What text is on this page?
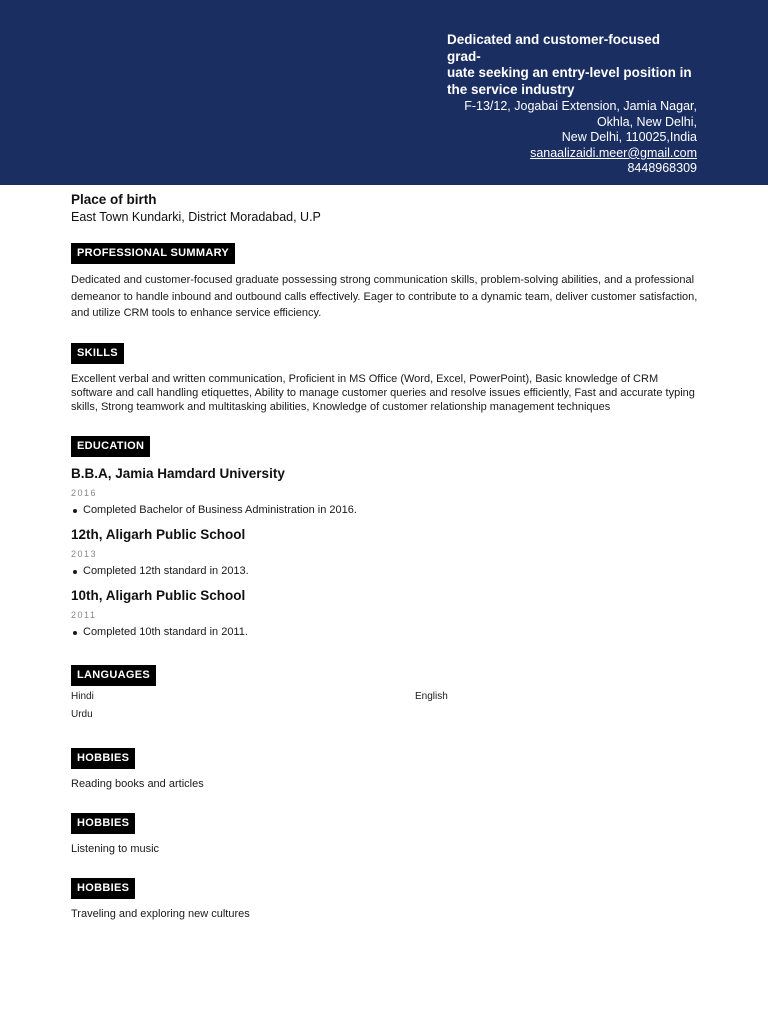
Dedicated and customer-focused grad-
uate seeking an entry-level position in
the service industry
F-13/12, Jogabai Extension, Jamia Nagar,
Okhla, New Delhi,
New Delhi, 110025,India
sanaalizaidi.meer@gmail.com
8448968309
Place of birth
East Town Kundarki, District Moradabad, U.P
PROFESSIONAL SUMMARY
Dedicated and customer-focused graduate possessing strong communication skills, problem-solving abilities, and a professional demeanor to handle inbound and outbound calls effectively. Eager to contribute to a dynamic team, deliver customer satisfaction, and utilize CRM tools to enhance service efficiency.
SKILLS
Excellent verbal and written communication, Proficient in MS Office (Word, Excel, PowerPoint), Basic knowledge of CRM software and call handling etiquettes, Ability to manage customer queries and resolve issues efficiently, Fast and accurate typing skills, Strong teamwork and multitasking abilities, Knowledge of customer relationship management techniques
EDUCATION
B.B.A, Jamia Hamdard University
2016
Completed Bachelor of Business Administration in 2016.
12th, Aligarh Public School
2013
Completed 12th standard in 2013.
10th, Aligarh Public School
2011
Completed 10th standard in 2011.
LANGUAGES
Hindi	English
Urdu
HOBBIES
Reading books and articles
HOBBIES
Listening to music
HOBBIES
Traveling and exploring new cultures
